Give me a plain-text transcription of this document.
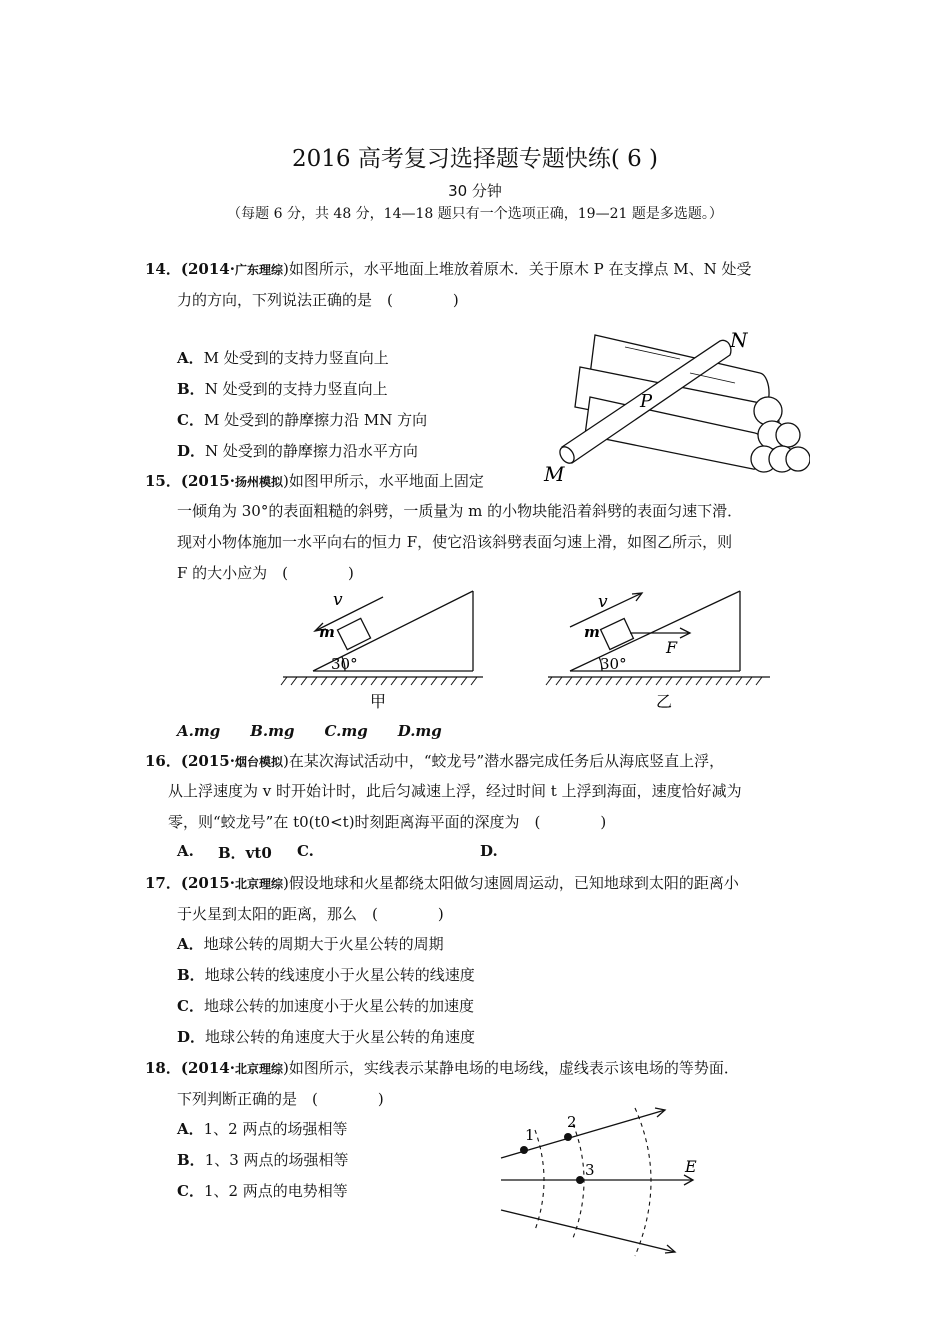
2016 高考复习选择题专题快练( 6 )
30 分钟
（每题 6 分，共 48 分，14—18 题只有一个选项正确，19—21 题是多选题。）
14．(2014·广东理综)如图所示，水平地面上堆放着原木．关于原木 P 在支撑点 M、N 处受
力的方向，下列说法正确的是　(　　　　)
A．M 处受到的支持力竖直向上
B．N 处受到的支持力竖直向上
C．M 处受到的静摩擦力沿 MN 方向
D．N 处受到的静摩擦力沿水平方向
N
P
M
15．(2015·扬州模拟)如图甲所示，水平地面上固定
一倾角为 30°的表面粗糙的斜劈，一质量为 m 的小物块能沿着斜劈的表面匀速下滑．
现对小物体施加一水平向右的恒力 F，使它沿该斜劈表面匀速上滑，如图乙所示，则
F 的大小应为　(　　　　)
v
m
30°
甲
v
m
F
30°
乙
A.mg　　B.mg　　C.mg　　D.mg
16．(2015·烟台模拟)在某次海试活动中，“蛟龙号”潜水器完成任务后从海底竖直上浮，
从上浮速度为 v 时开始计时，此后匀减速上浮，经过时间 t 上浮到海面，速度恰好减为
零，则“蛟龙号”在 t0(t0<t)时刻距离海平面的深度为　(　　　　)
A. B．vt0 C.	D.
17．(2015·北京理综)假设地球和火星都绕太阳做匀速圆周运动，已知地球到太阳的距离小
于火星到太阳的距离，那么　(　　　　)
A．地球公转的周期大于火星公转的周期
B．地球公转的线速度小于火星公转的线速度
C．地球公转的加速度小于火星公转的加速度
D．地球公转的角速度大于火星公转的角速度
18．(2014·北京理综)如图所示，实线表示某静电场的电场线，虚线表示该电场的等势面．
下列判断正确的是　(　　　　)
A．1、2 两点的场强相等
B．1、3 两点的场强相等
C．1、2 两点的电势相等
1
2
3	E
